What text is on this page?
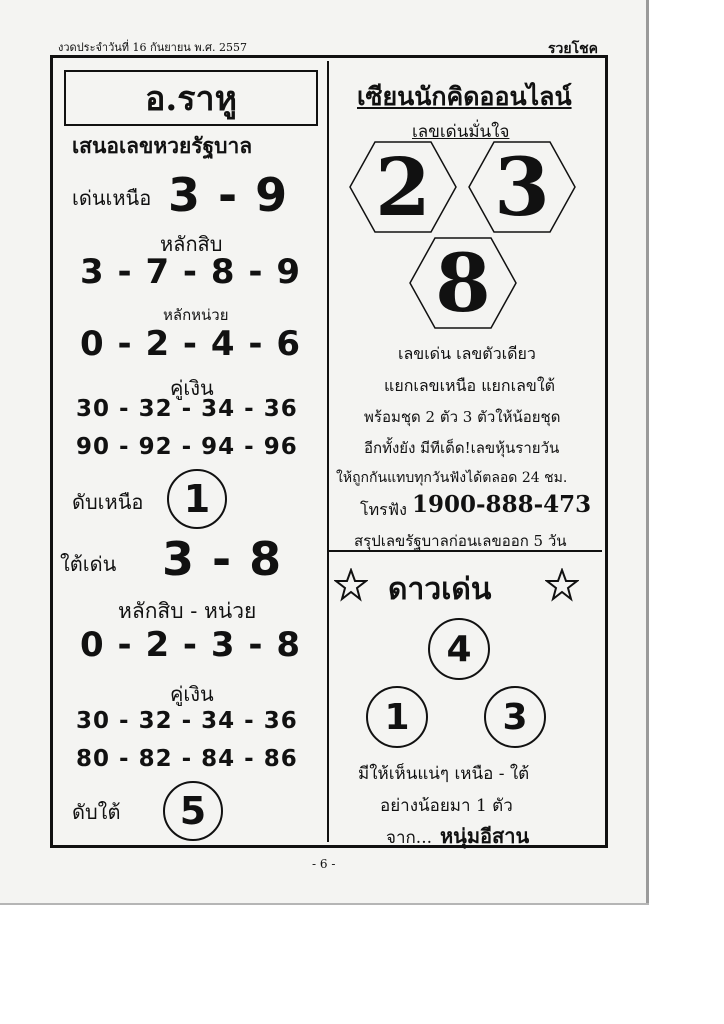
งวดประจำวันที่ 16 กันยายน พ.ศ. 2557	รวยโชค
อ.ราหู
เสนอเลขหวยรัฐบาล
เด่นเหนือ 3 - 9
หลักสิบ
3 - 7 - 8 - 9
หลักหน่วย
0 - 2 - 4 - 6
คู่เงิน
30 - 32 - 34 - 36
90 - 92 - 94 - 96
ดับเหนือ	1
ใต้เด่น 3 - 8
หลักสิบ - หน่วย
0 - 2 - 3 - 8
คู่เงิน
30 - 32 - 34 - 36
80 - 82 - 84 - 86
ดับใต้	5
เซียนนักคิดออนไลน์
เลขเด่นมั่นใจ
2 3
8
เลขเด่น เลขตัวเดียว
แยกเลขเหนือ แยกเลขใต้
พร้อมชุด 2 ตัว 3 ตัวให้น้อยชุด
อีกทั้งยัง มีทีเด็ด!เลขหุ้นรายวัน
ให้ถูกกันแทบทุกวันฟังได้ตลอด 24 ชม.
โทรฟัง 1900-888-473
สรุปเลขรัฐบาลก่อนเลขออก 5 วัน
ดาวเด่น
4
1	3
มีให้เห็นแน่ๆ เหนือ - ใต้
อย่างน้อยมา 1 ตัว
จาก... หนุ่มอีสาน
- 6 -
